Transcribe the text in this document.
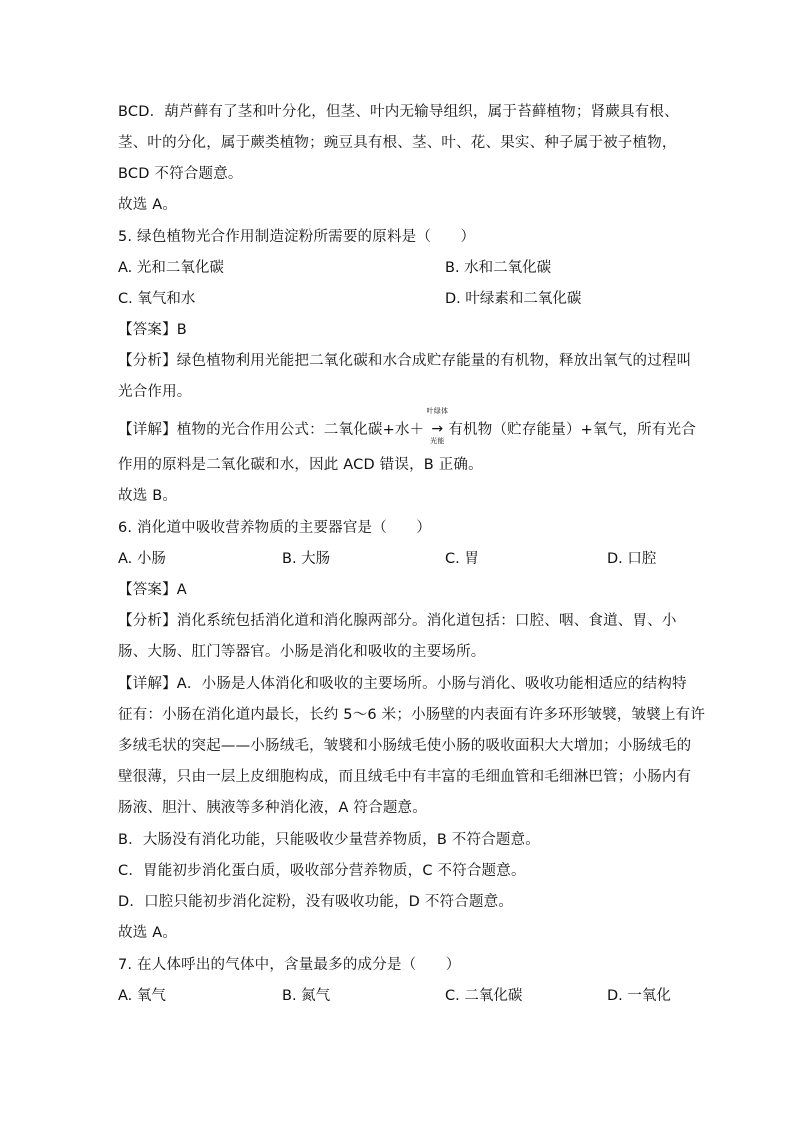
BCD．葫芦藓有了茎和叶分化，但茎、叶内无输导组织，属于苔藓植物；肾蕨具有根、
茎、叶的分化，属于蕨类植物；豌豆具有根、茎、叶、花、果实、种子属于被子植物，
BCD 不符合题意。
故选 A。
5. 绿色植物光合作用制造淀粉所需要的原料是（　　）
A. 光和二氧化碳	B. 水和二氧化碳
C. 氧气和水	D. 叶绿素和二氧化碳
【答案】B
【分析】绿色植物利用光能把二氧化碳和水合成贮存能量的有机物，释放出氧气的过程叫
光合作用。
【详解】植物的光合作用公式：二氧化碳+水＋
叶绿体
→
光能
有机物（贮存能量）+氧气，所有光合
作用的原料是二氧化碳和水，因此 ACD 错误，B 正确。
故选 B。
6. 消化道中吸收营养物质的主要器官是（　　）
A. 小肠	B. 大肠	C. 胃	D. 口腔
【答案】A
【分析】消化系统包括消化道和消化腺两部分。消化道包括：口腔、咽、食道、胃、小
肠、大肠、肛门等器官。小肠是消化和吸收的主要场所。
【详解】A．小肠是人体消化和吸收的主要场所。小肠与消化、吸收功能相适应的结构特
征有：小肠在消化道内最长，长约 5～6 米；小肠壁的内表面有许多环形皱襞，皱襞上有许
多绒毛状的突起——小肠绒毛，皱襞和小肠绒毛使小肠的吸收面积大大增加；小肠绒毛的
壁很薄，只由一层上皮细胞构成，而且绒毛中有丰富的毛细血管和毛细淋巴管；小肠内有
肠液、胆汁、胰液等多种消化液，A 符合题意。
B．大肠没有消化功能，只能吸收少量营养物质，B 不符合题意。
C．胃能初步消化蛋白质，吸收部分营养物质，C 不符合题意。
D．口腔只能初步消化淀粉，没有吸收功能，D 不符合题意。
故选 A。
7. 在人体呼出的气体中，含量最多的成分是（　　）
A. 氧气	B. 氮气	C. 二氧化碳	D. 一氧化
